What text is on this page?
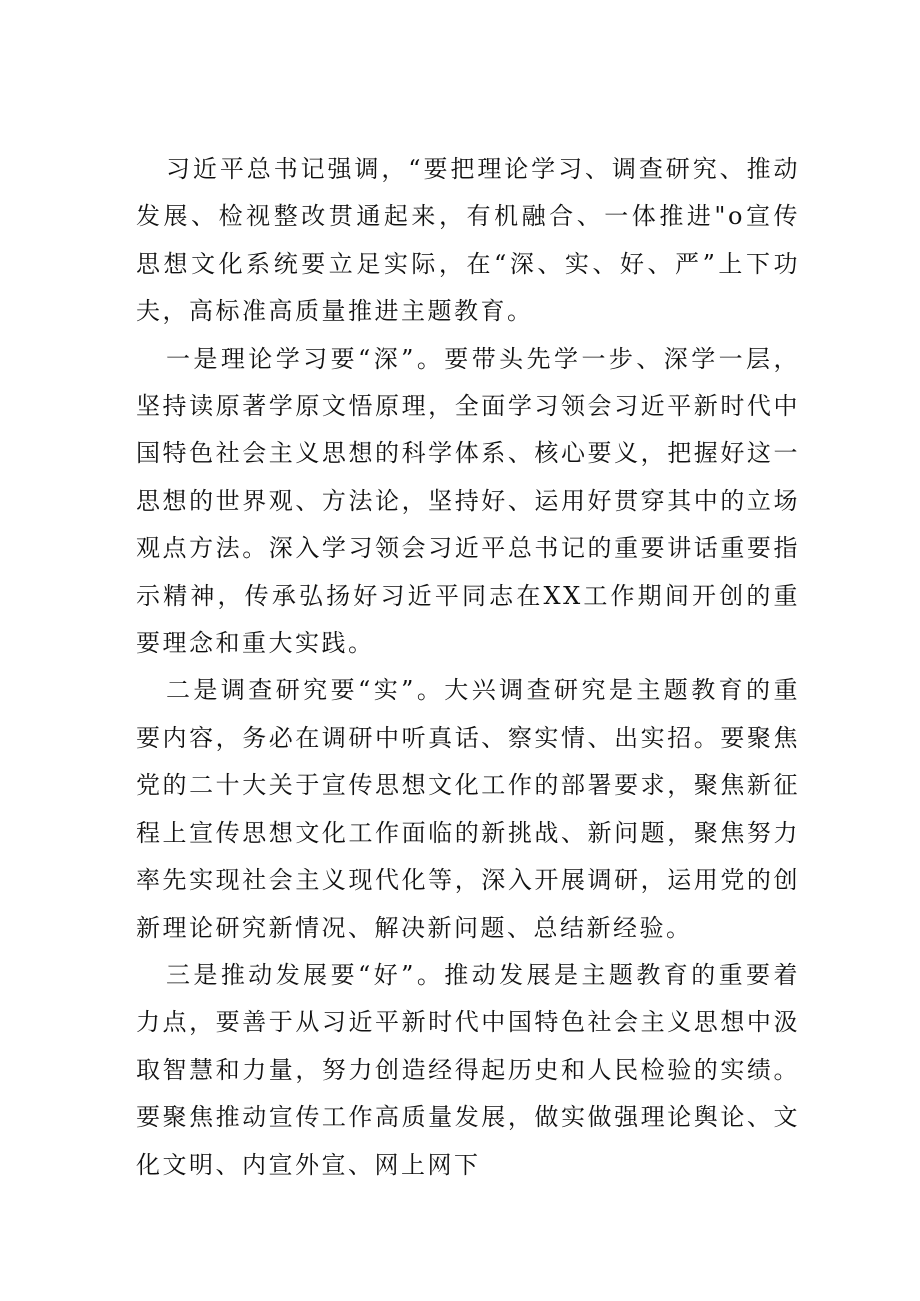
习近平总书记强调，“要把理论学习、调查研究、推动发展、检视整改贯通起来，有机融合、一体推进"o宣传思想文化系统要立足实际，在“深、实、好、严”上下功夫，高标准高质量推进主题教育。

一是理论学习要“深”。要带头先学一步、深学一层，坚持读原著学原文悟原理，全面学习领会习近平新时代中国特色社会主义思想的科学体系、核心要义，把握好这一思想的世界观、方法论，坚持好、运用好贯穿其中的立场观点方法。深入学习领会习近平总书记的重要讲话重要指示精神，传承弘扬好习近平同志在XX工作期间开创的重要理念和重大实践。

二是调查研究要“实”。大兴调查研究是主题教育的重要内容，务必在调研中听真话、察实情、出实招。要聚焦党的二十大关于宣传思想文化工作的部署要求，聚焦新征程上宣传思想文化工作面临的新挑战、新问题，聚焦努力率先实现社会主义现代化等，深入开展调研，运用党的创新理论研究新情况、解决新问题、总结新经验。

三是推动发展要“好”。推动发展是主题教育的重要着力点，要善于从习近平新时代中国特色社会主义思想中汲取智慧和力量，努力创造经得起历史和人民检验的实绩。要聚焦推动宣传工作高质量发展，做实做强理论舆论、文化文明、内宣外宣、网上网下
